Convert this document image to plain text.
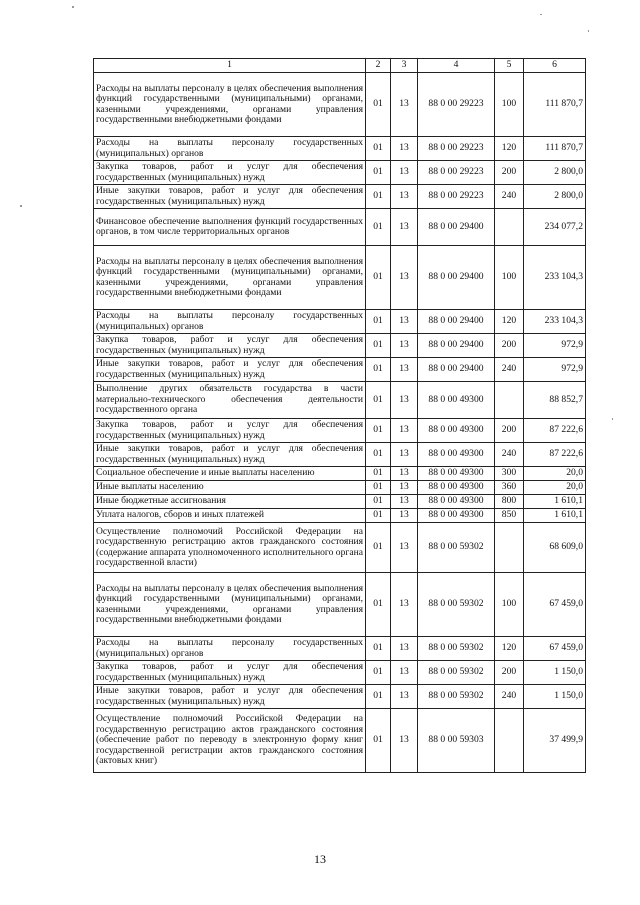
1	2	3	4	5	6
Расходы на выплаты персоналу в целях обеспечения выполнения функций государственными (муниципальными) органами, казенными учреждениями, органами управления государственными внебюджетными фондами	01	13	88 0 00 29223	100	111 870,7
Расходы на выплаты персоналу государственных (муниципальных) органов	01	13	88 0 00 29223	120	111 870,7
Закупка товаров, работ и услуг для обеспечения государственных (муниципальных) нужд	01	13	88 0 00 29223	200	2 800,0
Иные закупки товаров, работ и услуг для обеспечения государственных (муниципальных) нужд	01	13	88 0 00 29223	240	2 800,0
Финансовое обеспечение выполнения функций государственных органов, в том числе территориальных органов	01	13	88 0 00 29400		234 077,2
Расходы на выплаты персоналу в целях обеспечения выполнения функций государственными (муниципальными) органами, казенными учреждениями, органами управления государственными внебюджетными фондами	01	13	88 0 00 29400	100	233 104,3
Расходы на выплаты персоналу государственных (муниципальных) органов	01	13	88 0 00 29400	120	233 104,3
Закупка товаров, работ и услуг для обеспечения государственных (муниципальных) нужд	01	13	88 0 00 29400	200	972,9
Иные закупки товаров, работ и услуг для обеспечения государственных (муниципальных) нужд	01	13	88 0 00 29400	240	972,9
Выполнение других обязательств государства в части материально-технического обеспечения деятельности государственного органа	01	13	88 0 00 49300		88 852,7
Закупка товаров, работ и услуг для обеспечения государственных (муниципальных) нужд	01	13	88 0 00 49300	200	87 222,6
Иные закупки товаров, работ и услуг для обеспечения государственных (муниципальных) нужд	01	13	88 0 00 49300	240	87 222,6
Социальное обеспечение и иные выплаты населению	01	13	88 0 00 49300	300	20,0
Иные выплаты населению	01	13	88 0 00 49300	360	20,0
Иные бюджетные ассигнования	01	13	88 0 00 49300	800	1 610,1
Уплата налогов, сборов и иных платежей	01	13	88 0 00 49300	850	1 610,1
Осуществление полномочий Российской Федерации на государственную регистрацию актов гражданского состояния (содержание аппарата уполномоченного исполнительного органа государственной власти)	01	13	88 0 00 59302		68 609,0
Расходы на выплаты персоналу в целях обеспечения выполнения функций государственными (муниципальными) органами, казенными учреждениями, органами управления государственными внебюджетными фондами	01	13	88 0 00 59302	100	67 459,0
Расходы на выплаты персоналу государственных (муниципальных) органов	01	13	88 0 00 59302	120	67 459,0
Закупка товаров, работ и услуг для обеспечения государственных (муниципальных) нужд	01	13	88 0 00 59302	200	1 150,0
Иные закупки товаров, работ и услуг для обеспечения государственных (муниципальных) нужд	01	13	88 0 00 59302	240	1 150,0
Осуществление полномочий Российской Федерации на государственную регистрацию актов гражданского состояния (обеспечение работ по переводу в электронную форму книг государственной регистрации актов гражданского состояния (актовых книг)	01	13	88 0 00 59303		37 499,9
13
